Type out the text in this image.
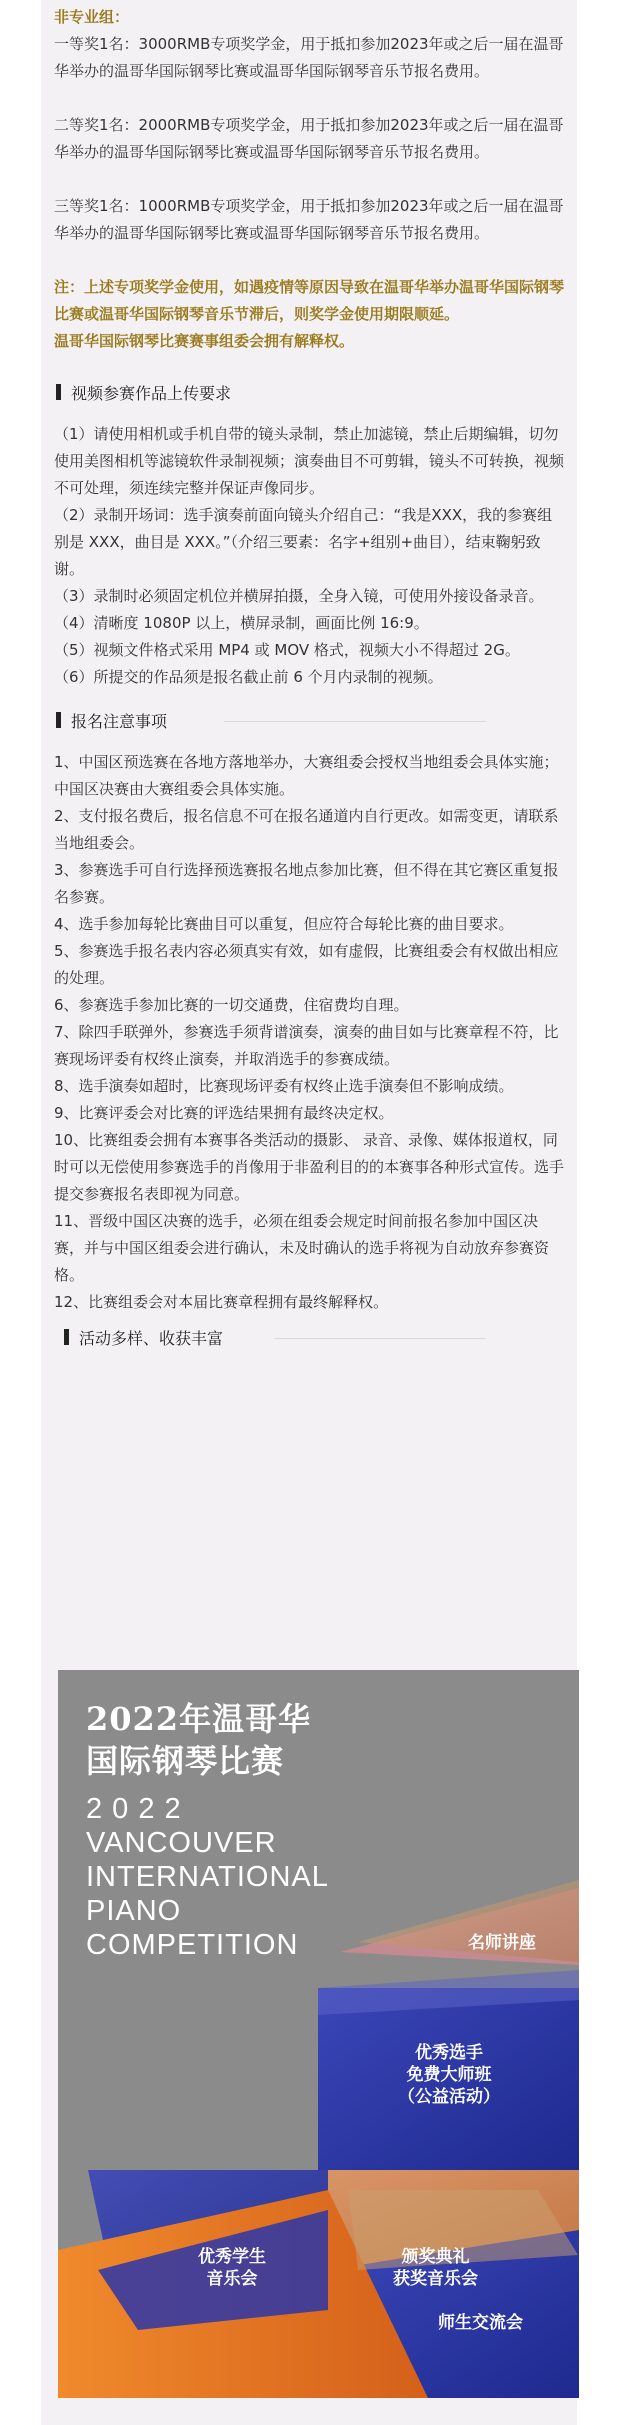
非专业组：

一等奖1名：3000RMB专项奖学金，用于抵扣参加2023年或之后一届在温哥华举办的温哥华国际钢琴比赛或温哥华国际钢琴音乐节报名费用。

二等奖1名：2000RMB专项奖学金，用于抵扣参加2023年或之后一届在温哥华举办的温哥华国际钢琴比赛或温哥华国际钢琴音乐节报名费用。

三等奖1名：1000RMB专项奖学金，用于抵扣参加2023年或之后一届在温哥华举办的温哥华国际钢琴比赛或温哥华国际钢琴音乐节报名费用。

注：上述专项奖学金使用，如遇疫情等原因导致在温哥华举办温哥华国际钢琴比赛或温哥华国际钢琴音乐节滞后，则奖学金使用期限顺延。

温哥华国际钢琴比赛赛事组委会拥有解释权。

视频参赛作品上传要求

（1）请使用相机或手机自带的镜头录制，禁止加滤镜，禁止后期编辑，切勿使用美图相机等滤镜软件录制视频；演奏曲目不可剪辑，镜头不可转换，视频不可处理，须连续完整并保证声像同步。

（2）录制开场词：选手演奏前面向镜头介绍自己：“我是XXX，我的参赛组别是 XXX，曲目是 XXX。”（介绍三要素：名字+组别+曲目），结束鞠躬致谢。

（3）录制时必须固定机位并横屏拍摄，全身入镜，可使用外接设备录音。

（4）清晰度 1080P 以上，横屏录制，画面比例 16:9。

（5）视频文件格式采用 MP4 或 MOV 格式，视频大小不得超过 2G。

（6）所提交的作品须是报名截止前 6 个月内录制的视频。

报名注意事项

1、中国区预选赛在各地方落地举办，大赛组委会授权当地组委会具体实施；中国区决赛由大赛组委会具体实施。

2、支付报名费后，报名信息不可在报名通道内自行更改。如需变更，请联系当地组委会。

3、参赛选手可自行选择预选赛报名地点参加比赛，但不得在其它赛区重复报名参赛。

4、选手参加每轮比赛曲目可以重复，但应符合每轮比赛的曲目要求。

5、参赛选手报名表内容必须真实有效，如有虚假，比赛组委会有权做出相应的处理。

6、参赛选手参加比赛的一切交通费，住宿费均自理。

7、除四手联弹外，参赛选手须背谱演奏，演奏的曲目如与比赛章程不符，比赛现场评委有权终止演奏，并取消选手的参赛成绩。

8、选手演奏如超时，比赛现场评委有权终止选手演奏但不影响成绩。

9、比赛评委会对比赛的评选结果拥有最终决定权。

10、比赛组委会拥有本赛事各类活动的摄影、 录音、录像、媒体报道权，同时可以无偿使用参赛选手的肖像用于非盈利目的的本赛事各种形式宣传。选手提交参赛报名表即视为同意。

11、晋级中国区决赛的选手，必须在组委会规定时间前报名参加中国区决赛，并与中国区组委会进行确认，未及时确认的选手将视为自动放弃参赛资格。

12、比赛组委会对本届比赛章程拥有最终解释权。

活动多样、收获丰富
2022年温哥华
国际钢琴比赛
2 0 2 2
VANCOUVER
INTERNATIONAL
PIANO
COMPETITION	名师讲座
优秀选手
免费大师班
（公益活动）
优秀学生
音乐会
颁奖典礼
获奖音乐会
师生交流会
